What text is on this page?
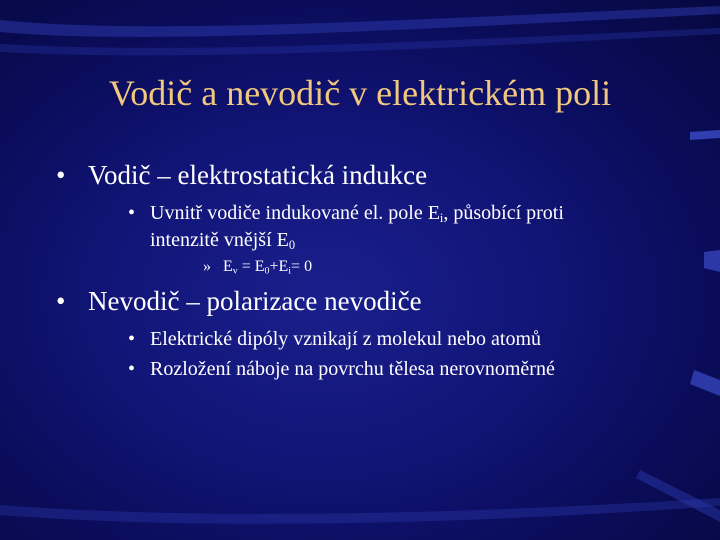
Vodič a nevodič v elektrickém poli
• Vodič – elektrostatická indukce
• Uvnitř vodiče indukované el. pole $E_i$, působící proti
intenzitě vnější $E_0$
» $E_v = E_0+E_i= 0$
• Nevodič – polarizace nevodiče
• Elektrické dipóly vznikají z molekul nebo atomů
• Rozložení náboje na povrchu tělesa nerovnoměrné
